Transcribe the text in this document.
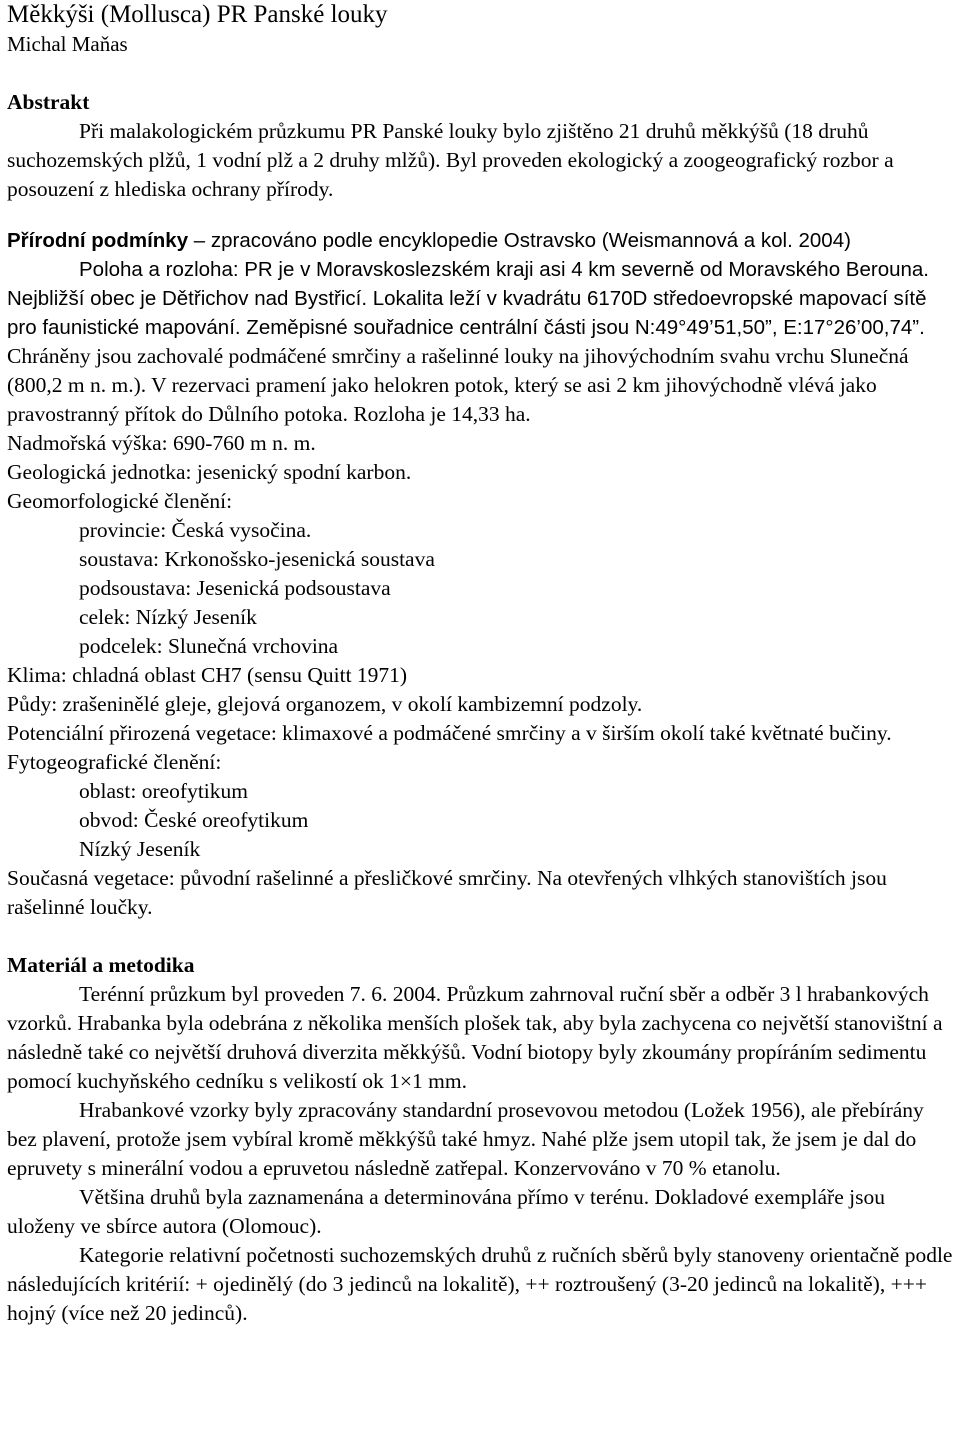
Měkkýši (Mollusca) PR Panské louky

Michal Maňas

Abstrakt

Při malakologickém průzkumu PR Panské louky bylo zjištěno 21 druhů měkkýšů (18 druhů suchozemských plžů, 1 vodní plž a 2 druhy mlžů). Byl proveden ekologický a zoogeografický rozbor a posouzení z hlediska ochrany přírody.

Přírodní podmínky – zpracováno podle encyklopedie Ostravsko (Weismannová a kol. 2004)

Poloha a rozloha: PR je v Moravskoslezském kraji asi 4 km severně od Moravského Berouna. Nejbližší obec je Dětřichov nad Bystřicí. Lokalita leží v kvadrátu 6170D středoevropské mapovací sítě pro faunistické mapování. Zeměpisné souřadnice centrální části jsou N:49°49’51,50”, E:17°26’00,74”. Chráněny jsou zachovalé podmáčené smrčiny a rašelinné louky na jihovýchodním svahu vrchu Slunečná (800,2 m n. m.). V rezervaci pramení jako helokren potok, který se asi 2 km jihovýchodně vlévá jako pravostranný přítok do Důlního potoka. Rozloha je 14,33 ha.

Nadmořská výška: 690-760 m n. m.

Geologická jednotka: jesenický spodní karbon.

Geomorfologické členění:

provincie: Česká vysočina.

soustava: Krkonošsko-jesenická soustava

podsoustava: Jesenická podsoustava

celek: Nízký Jeseník

podcelek: Slunečná vrchovina

Klima: chladná oblast CH7 (sensu Quitt 1971)

Půdy: zrašeninělé gleje, glejová organozem, v okolí kambizemní podzoly.

Potenciální přirozená vegetace: klimaxové a podmáčené smrčiny a v širším okolí také květnaté bučiny.

Fytogeografické členění:

oblast: oreofytikum

obvod: České oreofytikum

Nízký Jeseník

Současná vegetace: původní rašelinné a přesličkové smrčiny. Na otevřených vlhkých stanovištích jsou rašelinné loučky.

Materiál a metodika

Terénní průzkum byl proveden 7. 6. 2004. Průzkum zahrnoval ruční sběr a odběr 3 l hrabankových vzorků. Hrabanka byla odebrána z několika menších plošek tak, aby byla zachycena co největší stanovištní a následně také co největší druhová diverzita měkkýšů. Vodní biotopy byly zkoumány propíráním sedimentu pomocí kuchyňského cedníku s velikostí ok 1×1 mm.

Hrabankové vzorky byly zpracovány standardní prosevovou metodou (Ložek 1956), ale přebírány bez plavení, protože jsem vybíral kromě měkkýšů také hmyz. Nahé plže jsem utopil tak, že jsem je dal do epruvety s minerální vodou a epruvetou následně zatřepal. Konzervováno v 70 % etanolu.

Většina druhů byla zaznamenána a determinována přímo v terénu. Dokladové exempláře jsou uloženy ve sbírce autora (Olomouc).

Kategorie relativní početnosti suchozemských druhů z ručních sběrů byly stanoveny orientačně podle následujících kritérií: + ojedinělý (do 3 jedinců na lokalitě), ++ roztroušený (3-20 jedinců na lokalitě), +++ hojný (více než 20 jedinců).
